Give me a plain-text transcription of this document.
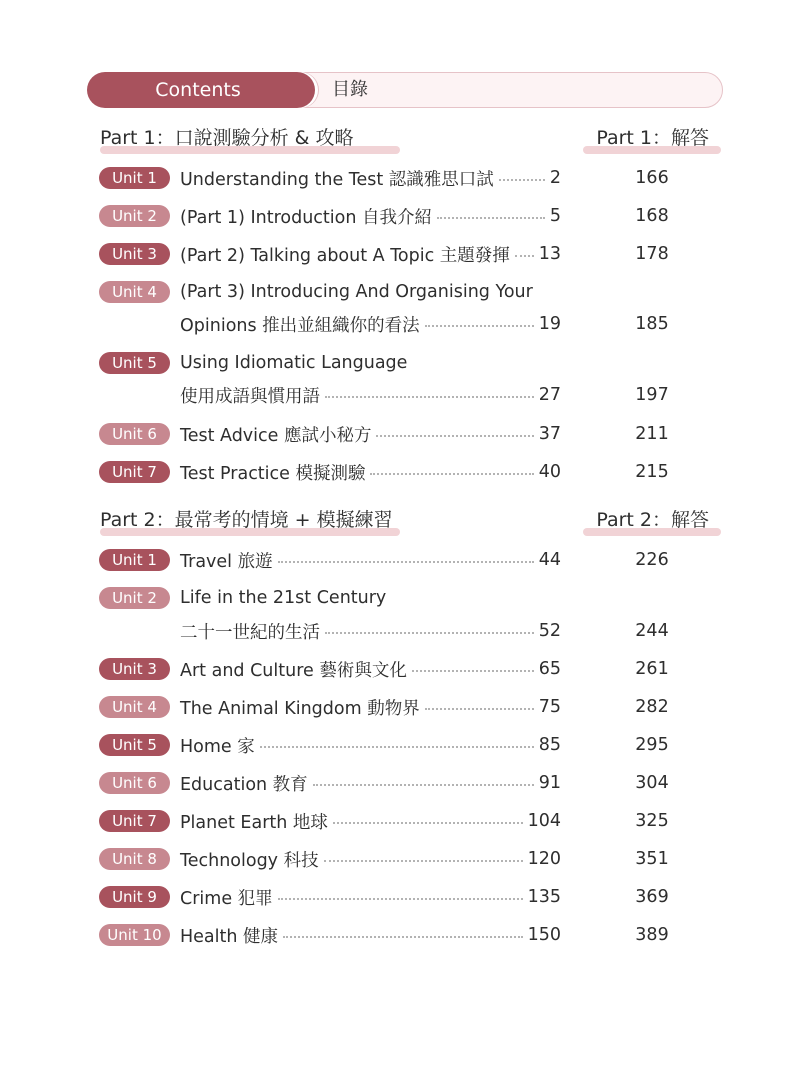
Contents	目錄
Part 1：口說測驗分析 & 攻略	Part 1：解答
Unit 1	Understanding the Test 認識雅思口試	2	166
Unit 2	(Part 1) Introduction 自我介紹	5	168
Unit 3	(Part 2) Talking about A Topic 主題發揮 13	178
Unit 4	(Part 3) Introducing And Organising Your
Opinions 推出並組織你的看法	19	185
Unit 5	Using Idiomatic Language
使用成語與慣用語	27	197
Unit 6	Test Advice 應試小秘方	37	211
Unit 7	Test Practice 模擬測驗	40	215
Part 2：最常考的情境 + 模擬練習	Part 2：解答
Unit 1	Travel 旅遊	44	226
Unit 2	Life in the 21st Century
二十一世紀的生活	52	244
Unit 3	Art and Culture 藝術與文化	65	261
Unit 4	The Animal Kingdom 動物界	75	282
Unit 5	Home 家	85	295
Unit 6	Education 教育	91	304
Unit 7	Planet Earth 地球	104	325
Unit 8	Technology 科技	120	351
Unit 9	Crime 犯罪	135	369
Unit 10	Health 健康	150	389
